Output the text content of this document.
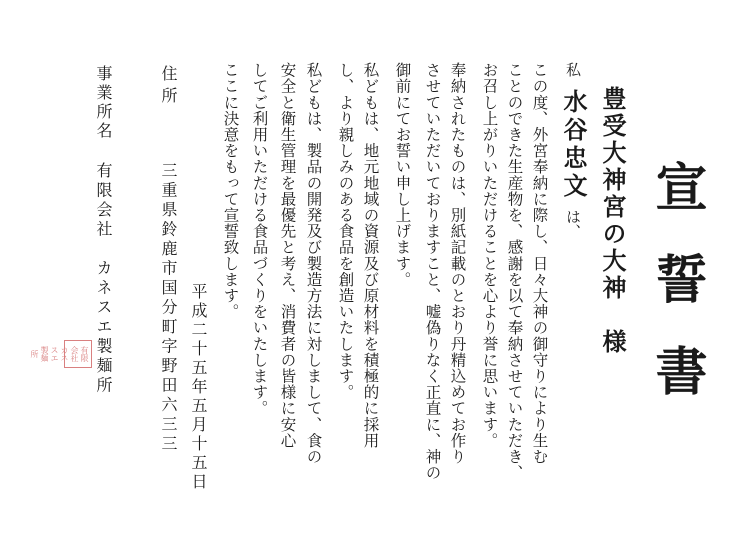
宣誓書
豊受大神宮の大神　様
私水谷忠文は、
この度、外宮奉納に際し、日々大神の御守りにより生む
ことのできた生産物を、感謝を以て奉納させていただき、
お召し上がりいただけることを心より誉に思います。
奉納されたものは、別紙記載のとおり丹精込めてお作り
させていただいておりますこと、嘘偽りなく正直に、神の
御前にてお誓い申し上げます。
私どもは、地元地域の資源及び原材料を積極的に採用
し、より親しみのある食品を創造いたします。
私どもは、製品の開発及び製造方法に対しまして、食の
安全と衛生管理を最優先と考え、消費者の皆様に安心
してご利用いただける食品づくりをいたします。
ここに決意をもって宣誓致します。
平成二十五年五月十五日
住所
三重県鈴鹿市国分町字野田六三三
事業所名
有限会社　カネスエ製麺所
有限会社カネスエ製麺所
